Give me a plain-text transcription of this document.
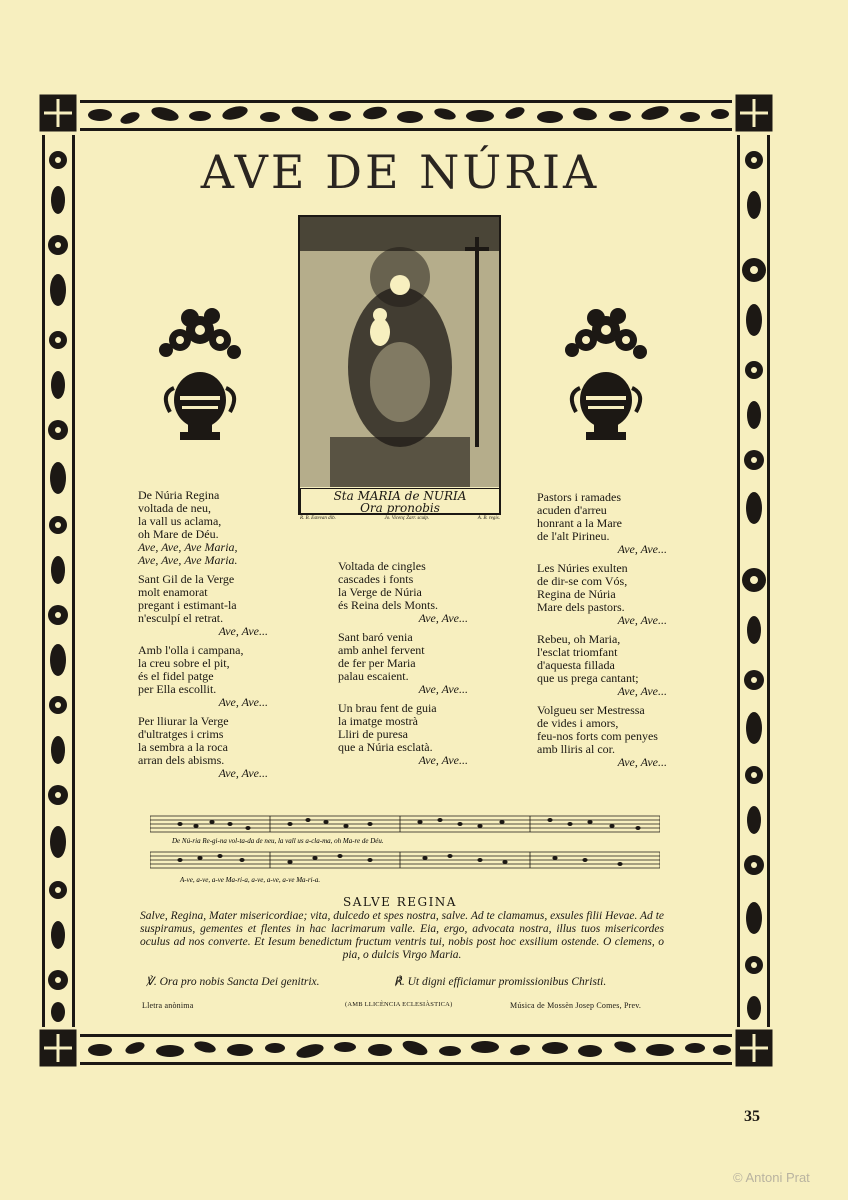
AVE DE NÚRIA
Sta MARIA de NURIA
Ora pronobis
R. B. Estevan dib.	Jo. Vicenç Zarr. sculp.	A. B. regis.
De Núria Regina
voltada de neu,
la vall us aclama,
oh Mare de Déu.
Ave, Ave, Ave Maria,
Ave, Ave, Ave Maria.
Sant Gil de la Verge
molt enamorat
pregant i estimant-la
n'esculpí el retrat.
Ave, Ave...
Amb l'olla i campana,
la creu sobre el pit,
és el fidel patge
per Ella escollit.
Ave, Ave...
Per lliurar la Verge
d'ultratges i crims
la sembra a la roca
arran dels abisms.
Ave, Ave...
Voltada de cingles
cascades i fonts
la Verge de Núria
és Reina dels Monts.
Ave, Ave...
Sant baró venia
amb anhel fervent
de fer per Maria
palau escaient.
Ave, Ave...
Un brau fent de guia
la imatge mostrà
Lliri de puresa
que a Núria esclatà.
Ave, Ave...
Pastors i ramades
acuden d'arreu
honrant a la Mare
de l'alt Pirineu.
Ave, Ave...
Les Núries exulten
de dir-se com Vós,
Regina de Núria
Mare dels pastors.
Ave, Ave...
Rebeu, oh Maria,
l'esclat triomfant
d'aquesta fillada
que us prega cantant;
Ave, Ave...
Volgueu ser Mestressa
de vides i amors,
feu-nos forts com penyes
amb lliris al cor.
Ave, Ave...
De Nú-ria Re-gi-na vol-ta-da de neu, la vall us a-cla-ma, oh Ma-re de Déu.
A-ve, a-ve, a-ve Ma-ri-a, a-ve, a-ve, a-ve Ma-ri-a.
SALVE REGINA
Salve, Regina, Mater misericordiae; vita, dulcedo et spes nostra, salve. Ad te clamamus, exsules filii Hevae. Ad te suspiramus, gementes et flentes in hac lacrimarum valle. Eia, ergo, advocata nostra, illus tuos misericordes oculus ad nos converte. Et Iesum benedictum fructum ventris tui, nobis post hoc exsilium ostende. O clemens, o pia, o dulcis Virgo Maria.
℣. Ora pro nobis Sancta Dei genitrix.	℟. Ut digni efficiamur promissionibus Christi.
Lletra anònima	(AMB LLICÈNCIA ECLESIÀSTICA)	Música de Mossèn Josep Comes, Prev.
35
© Antoni Prat
